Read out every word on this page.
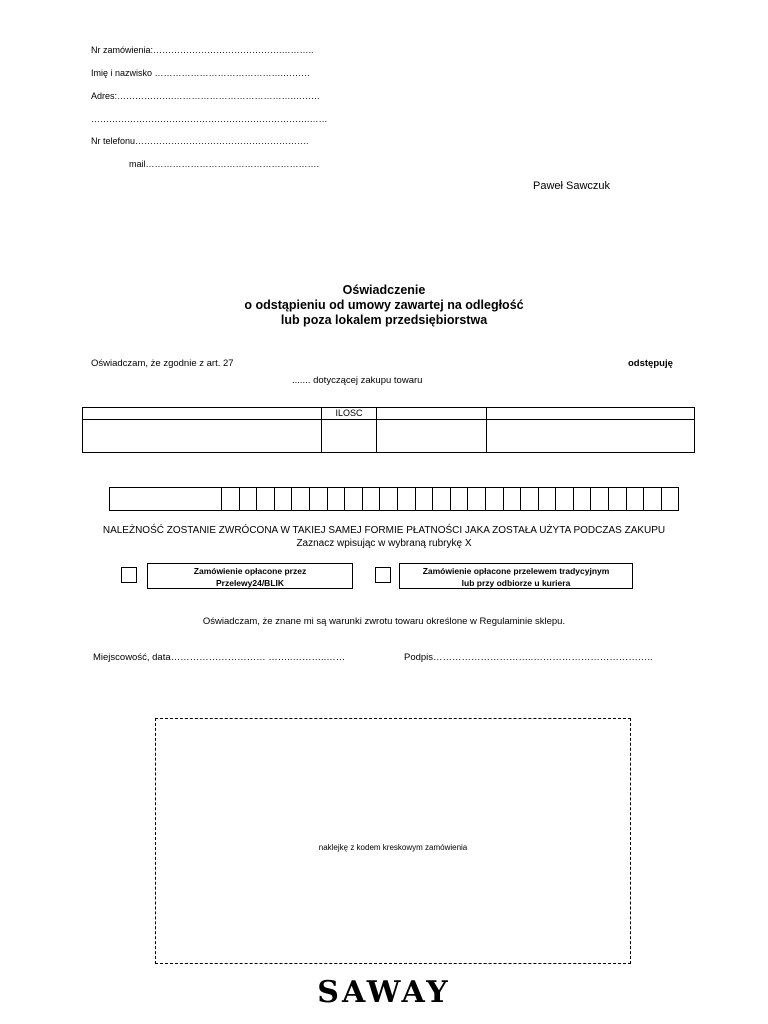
Nr zamówienia:…………………………………….………..
Imię i nazwisko …………………………………….………
Adres:……………….………………………………….………
……………………………………………………………….……
Nr telefonu………………………………………………….
mail………………………………………………….
Paweł Sawczuk
Oświadczenie
o odstąpieniu od umowy zawartej na odległość
lub poza lokalem przedsiębiorstwa
Oświadczam, że zgodnie z art. 27	odstępuję
....... dotyczącej zakupu towaru
	ILOSC		

NALEŻNOŚĆ ZOSTANIE ZWRÓCONA W TAKIEJ SAMEJ FORMIE PŁATNOŚCI JAKA ZOSTAŁA UŻYTA PODCZAS ZAKUPU
Zaznacz wpisując w wybraną rubrykę X
Zamówienie opłacone przez
Przelewy24/BLIK
Zamówienie opłacone przelewem tradycyjnym
lub przy odbiorze u kuriera
Oświadczam, że znane mi są warunki zwrotu towaru określone w Regulaminie sklepu.
Miejscowość, data………………………… ……..………..……	Podpis…………………………..………………………………..
naklejkę z kodem kreskowym zamówienia
SAWAY
